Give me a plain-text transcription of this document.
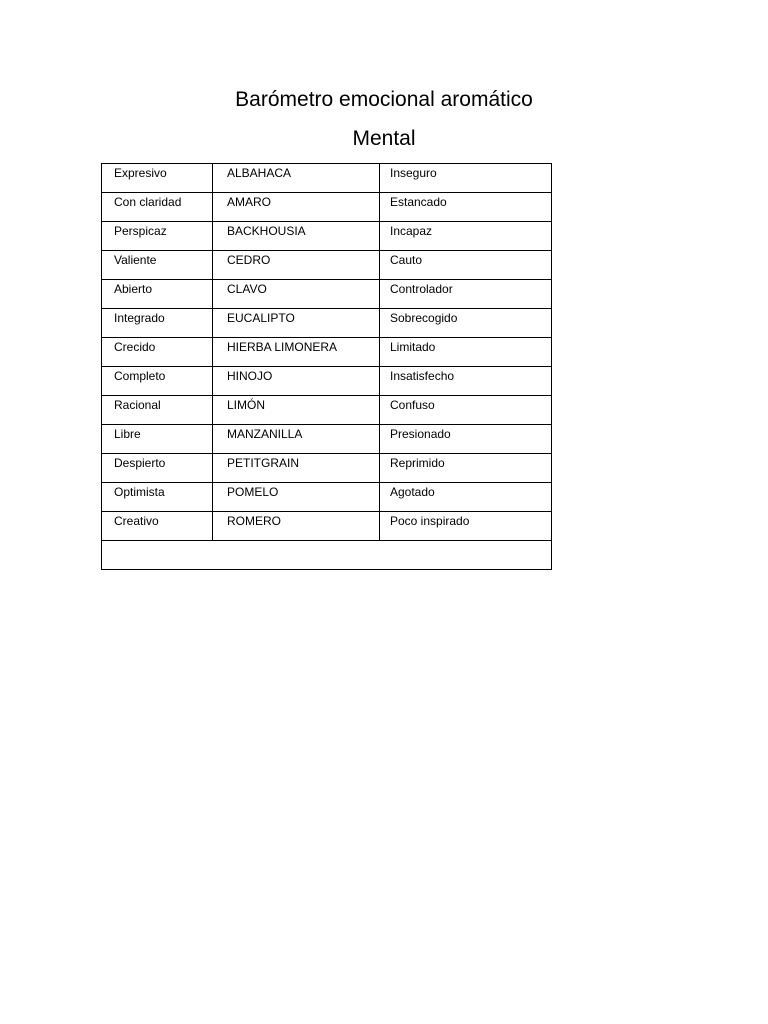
Barómetro emocional aromático
Mental
Expresivo	ALBAHACA	Inseguro
Con claridad	AMARO	Estancado
Perspicaz	BACKHOUSIA	Incapaz
Valiente	CEDRO	Cauto
Abierto	CLAVO	Controlador
Integrado	EUCALIPTO	Sobrecogido
Crecido	HIERBA LIMONERA	Limitado
Completo	HINOJO	Insatisfecho
Racional	LIMÓN	Confuso
Libre	MANZANILLA	Presionado
Despierto	PETITGRAIN	Reprimido
Optimista	POMELO	Agotado
Creativo	ROMERO	Poco inspirado
